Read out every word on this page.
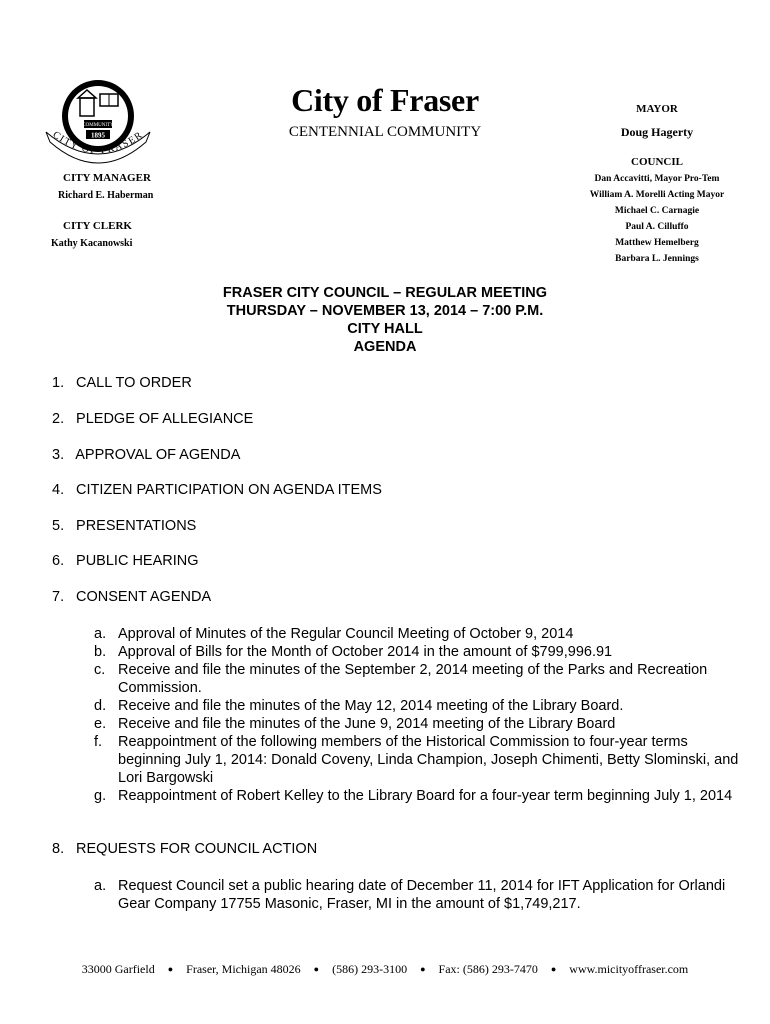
COMMUNITY
1895
CITY OF FRASER
City of Fraser
CENTENNIAL COMMUNITY
CITY MANAGER
Richard E. Haberman
CITY CLERK
Kathy Kacanowski
MAYOR
Doug Hagerty
COUNCIL
Dan Accavitti, Mayor Pro-Tem
William A. Morelli Acting Mayor
Michael C. Carnagie
Paul A. Cilluffo
Matthew Hemelberg
Barbara L. Jennings
FRASER CITY COUNCIL – REGULAR MEETING
THURSDAY – NOVEMBER 13, 2014 – 7:00 P.M.
CITY HALL
AGENDA
1. CALL TO ORDER
2. PLEDGE OF ALLEGIANCE
3. APPROVAL OF AGENDA
4. CITIZEN PARTICIPATION ON AGENDA ITEMS
5. PRESENTATIONS
6. PUBLIC HEARING
7. CONSENT AGENDA
a. Approval of Minutes of the Regular Council Meeting of October 9, 2014
b. Approval of Bills for the Month of October 2014 in the amount of $799,996.91
c. Receive and file the minutes of the September 2, 2014 meeting of the Parks and Recreation Commission.
d. Receive and file the minutes of the May 12, 2014 meeting of the Library Board.
e. Receive and file the minutes of the June 9, 2014 meeting of the Library Board
f.	Reappointment of the following members of the Historical Commission to four-year terms beginning July 1, 2014: Donald Coveny, Linda Champion, Joseph Chimenti, Betty Slominski, and Lori Bargowski
g. Reappointment of Robert Kelley to the Library Board for a four-year term beginning July 1, 2014
8. REQUESTS FOR COUNCIL ACTION
a. Request Council set a public hearing date of December 11, 2014 for IFT Application for Orlandi Gear Company 17755 Masonic, Fraser, MI in the amount of $1,749,217.
33000 Garfield ● Fraser, Michigan 48026 ● (586) 293-3100 ● Fax: (586) 293-7470 ● www.micityoffraser.com
